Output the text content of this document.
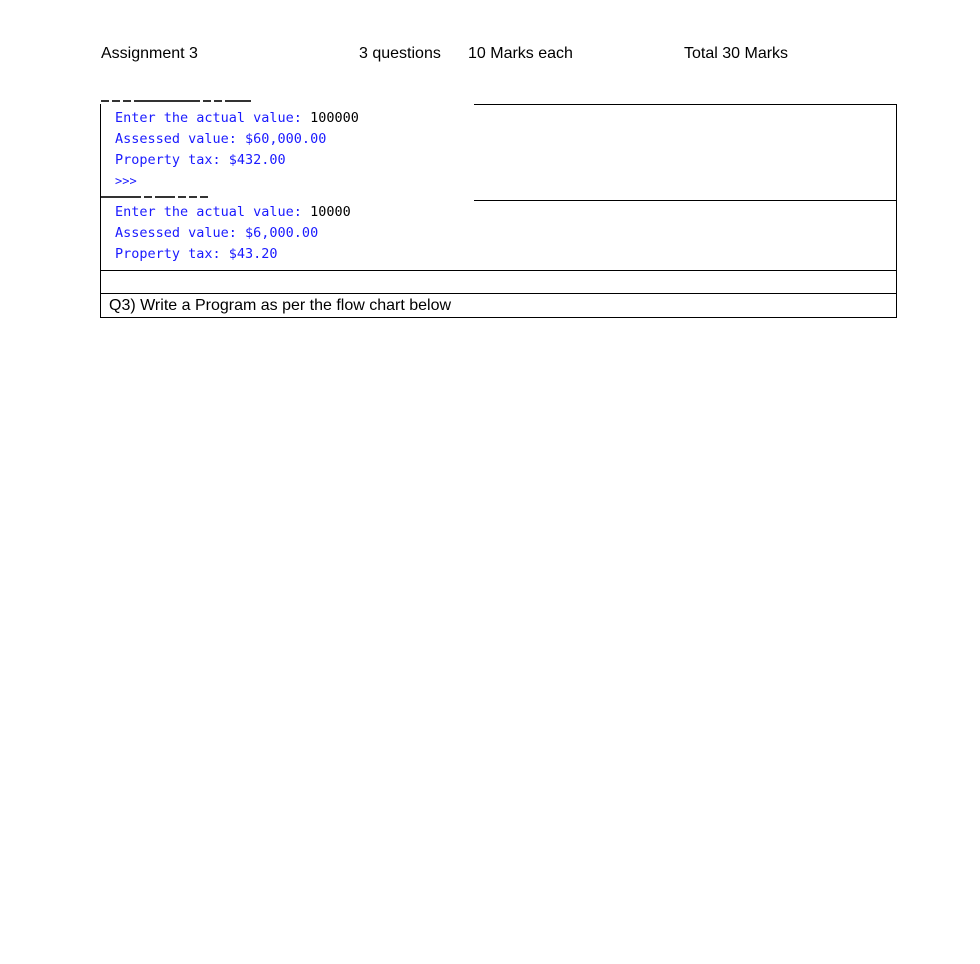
Assignment 3	3 questions 10 Marks each	Total 30 Marks
Enter the actual value: 100000
Assessed value: $60,000.00
Property tax: $432.00
>>>
Enter the actual value: 10000
Assessed value: $6,000.00
Property tax: $43.20
Q3) Write a Program as per the flow chart below
